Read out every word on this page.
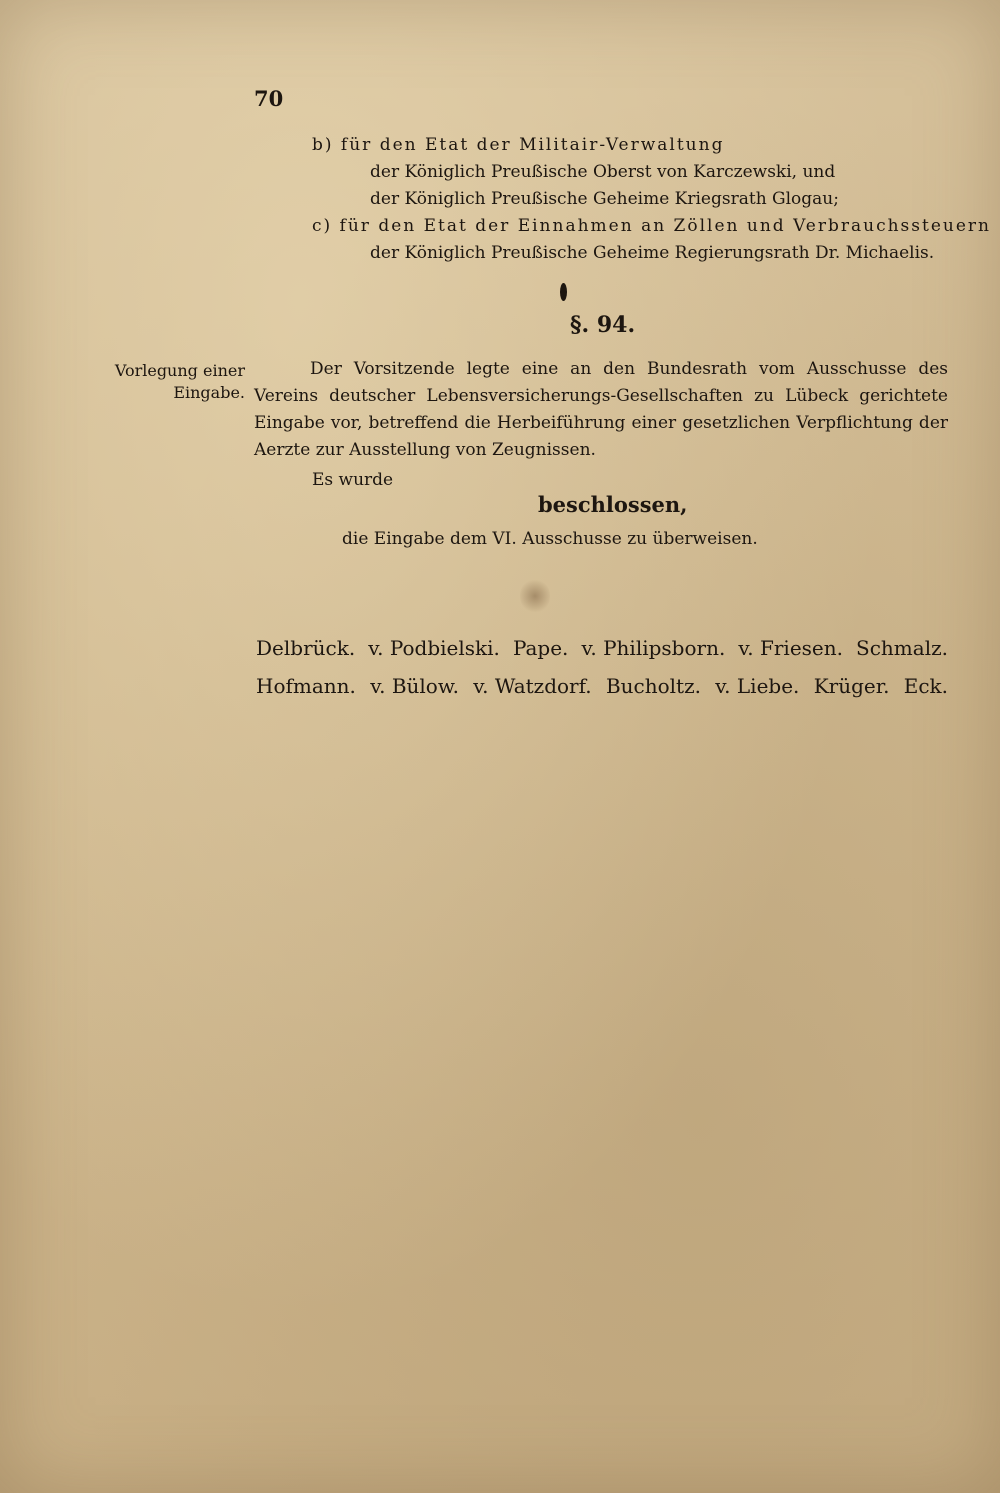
70
b) für den Etat der Militair-Verwaltung
der Königlich Preußische Oberst von Karczewski, und
der Königlich Preußische Geheime Kriegsrath Glogau;
c) für den Etat der Einnahmen an Zöllen und Verbrauchssteuern
der Königlich Preußische Geheime Regierungsrath Dr. Michaelis.
§. 94.
Vorlegung einer Eingabe.
Der Vorsitzende legte eine an den Bundesrath vom Ausschusse des Vereins deutscher Lebensversicherungs-Gesellschaften zu Lübeck gerichtete Eingabe vor, betreffend die Herbeiführung einer gesetzlichen Verpflichtung der Aerzte zur Ausstellung von Zeugnissen.
Es wurde
beschlossen,
die Eingabe dem VI. Ausschusse zu überweisen.
Delbrück. v. Podbielski. Pape. v. Philipsborn. v. Friesen. Schmalz.
Hofmann. v. Bülow. v. Watzdorf. Bucholtz. v. Liebe. Krüger. Eck.
